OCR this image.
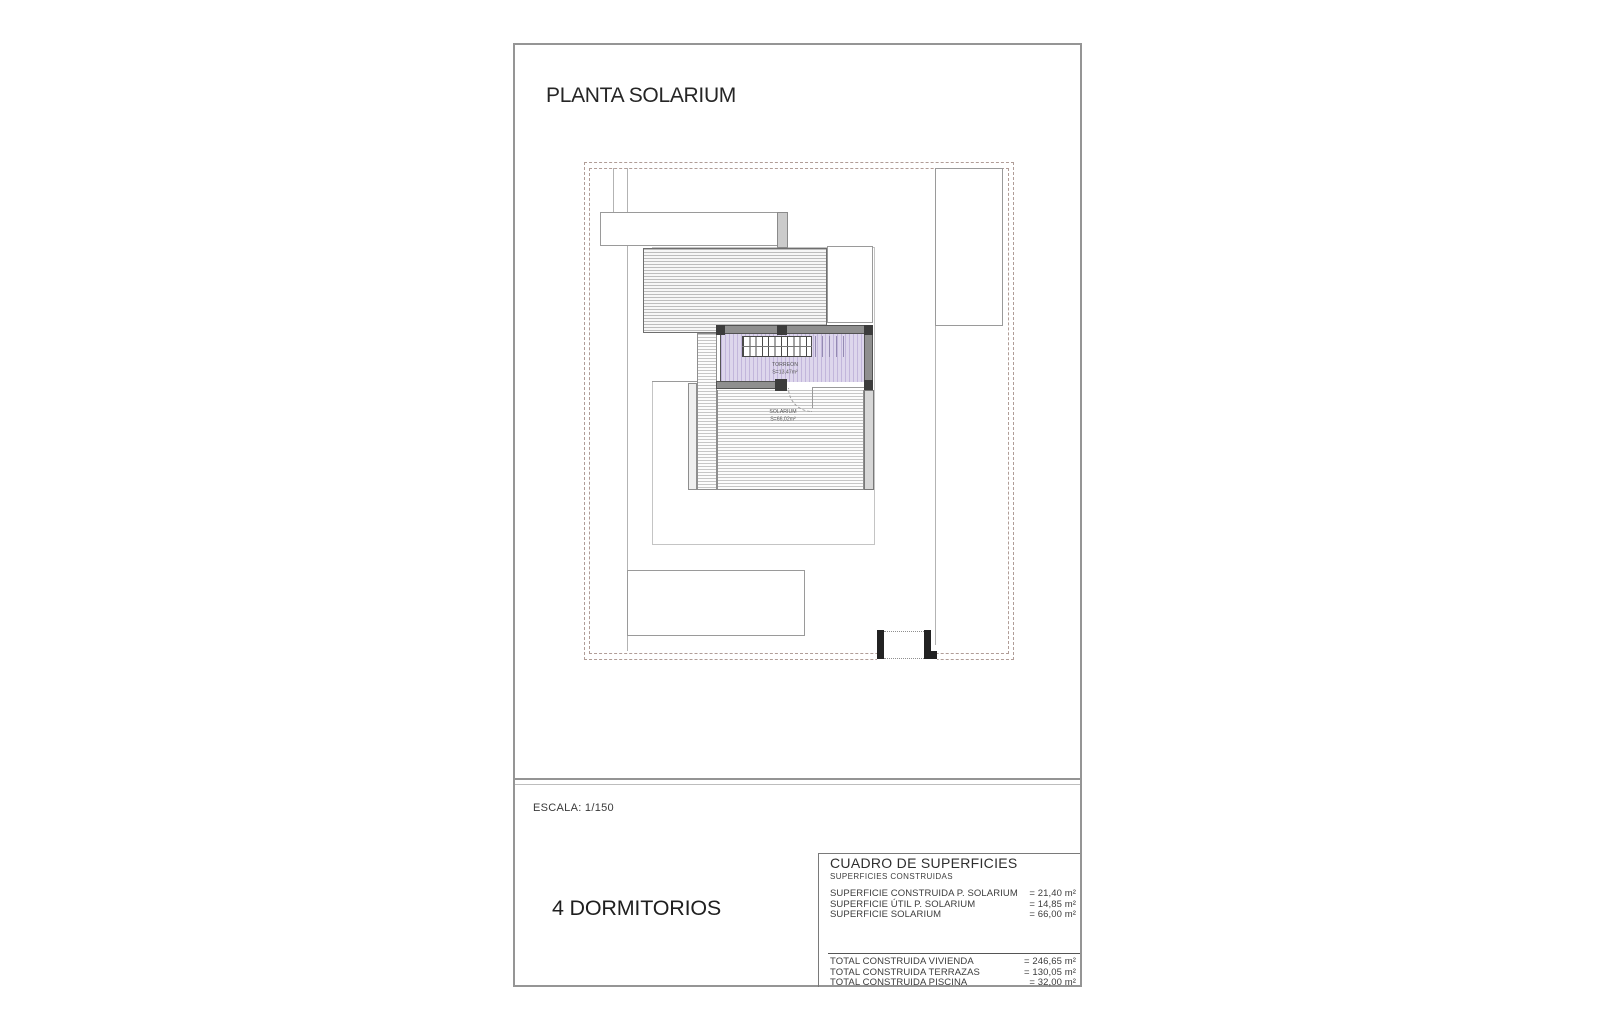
PLANTA SOLARIUM
TORREÓN
S=13,47m²
SOLARIUM
S=66,02m²
ESCALA: 1/150
4 DORMITORIOS
CUADRO DE SUPERFICIES
SUPERFICIES CONSTRUIDAS
SUPERFICIE CONSTRUIDA P. SOLARIUM = 21,40 m²
SUPERFICIE ÚTIL P. SOLARIUM	= 14,85 m²
SUPERFICIE SOLARIUM	= 66,00 m²
TOTAL CONSTRUIDA VIVIENDA	= 246,65 m²
TOTAL CONSTRUIDA TERRAZAS	= 130,05 m²
TOTAL CONSTRUIDA PISCINA	= 32,00 m²
